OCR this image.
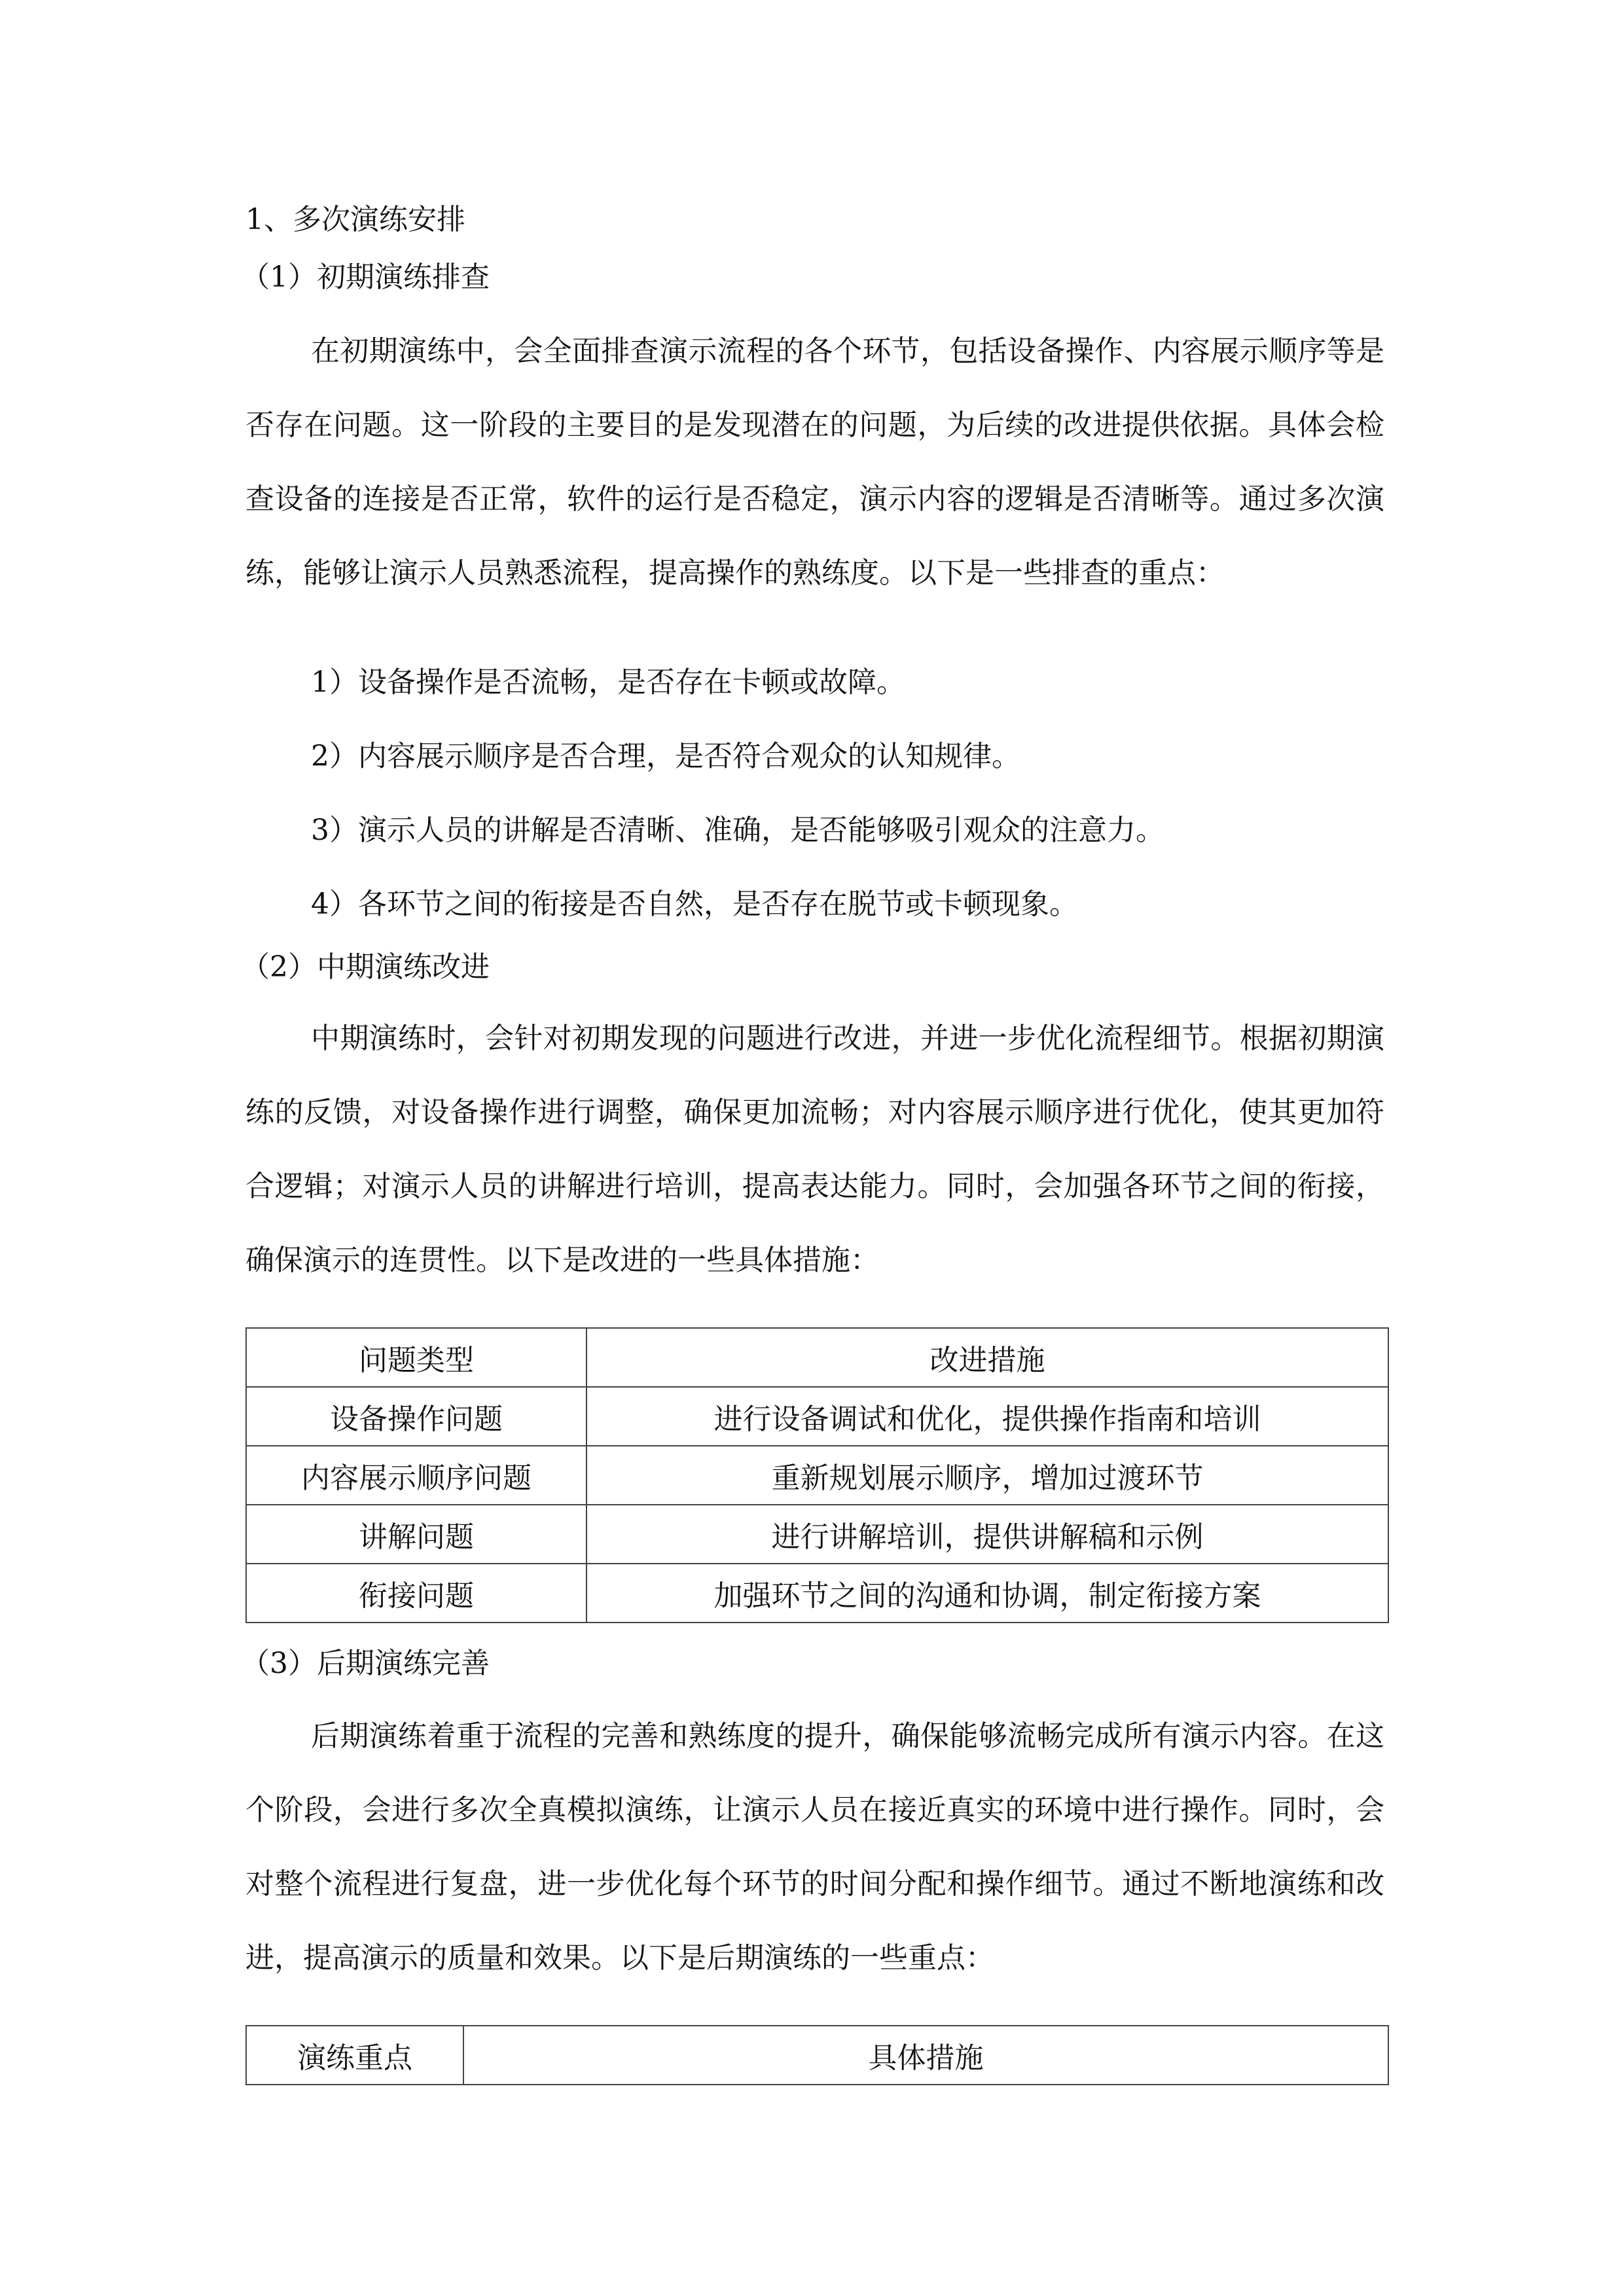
1、多次演练安排
（1）初期演练排查
在初期演练中，会全面排查演示流程的各个环节，包括设备操作、内容展示顺序等是否存在问题。这一阶段的主要目的是发现潜在的问题，为后续的改进提供依据。具体会检查设备的连接是否正常，软件的运行是否稳定，演示内容的逻辑是否清晰等。通过多次演练，能够让演示人员熟悉流程，提高操作的熟练度。以下是一些排查的重点：
1）设备操作是否流畅，是否存在卡顿或故障。
2）内容展示顺序是否合理，是否符合观众的认知规律。
3）演示人员的讲解是否清晰、准确，是否能够吸引观众的注意力。
4）各环节之间的衔接是否自然，是否存在脱节或卡顿现象。
（2）中期演练改进
中期演练时，会针对初期发现的问题进行改进，并进一步优化流程细节。根据初期演练的反馈，对设备操作进行调整，确保更加流畅；对内容展示顺序进行优化，使其更加符合逻辑；对演示人员的讲解进行培训，提高表达能力。同时，会加强各环节之间的衔接，确保演示的连贯性。以下是改进的一些具体措施：
问题类型	改进措施
设备操作问题	进行设备调试和优化，提供操作指南和培训
内容展示顺序问题	重新规划展示顺序，增加过渡环节
讲解问题	进行讲解培训，提供讲解稿和示例
衔接问题	加强环节之间的沟通和协调，制定衔接方案
（3）后期演练完善
后期演练着重于流程的完善和熟练度的提升，确保能够流畅完成所有演示内容。在这个阶段，会进行多次全真模拟演练，让演示人员在接近真实的环境中进行操作。同时，会对整个流程进行复盘，进一步优化每个环节的时间分配和操作细节。通过不断地演练和改进，提高演示的质量和效果。以下是后期演练的一些重点：
演练重点	具体措施
